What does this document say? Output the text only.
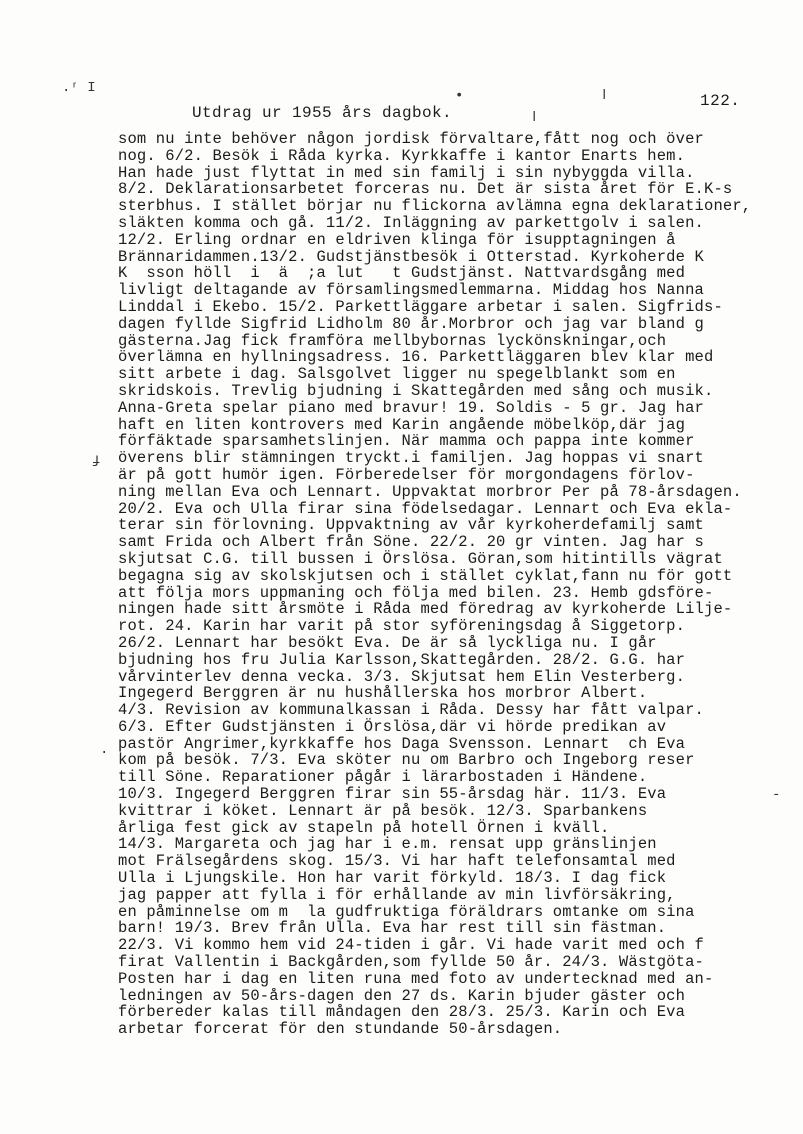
.ʳ I	•	ǀ
ǀ
ɟ
.
-
122.
Utdrag ur 1955 års dagbok.
som nu inte behöver någon jordisk förvaltare,fått nog och över
nog. 6/2. Besök i Råda kyrka. Kyrkkaffe i kantor Enarts hem.
Han hade just flyttat in med sin familj i sin nybyggda villa.
8/2. Deklarationsarbetet forceras nu. Det är sista året för E.K-s
sterbhus. I stället börjar nu flickorna avlämna egna deklarationer,
släkten komma och gå. 11/2. Inläggning av parkettgolv i salen.
12/2. Erling ordnar en eldriven klinga för isupptagningen å
Brännaridammen.13/2. Gudstjänstbesök i Otterstad. Kyrkoherde K
K  sson höll  i  ä  ;a lut   t Gudstjänst. Nattvardsgång med
livligt deltagande av församlingsmedlemmarna. Middag hos Nanna
Linddal i Ekebo. 15/2. Parkettläggare arbetar i salen. Sigfrids-
dagen fyllde Sigfrid Lidholm 80 år.Morbror och jag var bland g
gästerna.Jag fick framföra mellbybornas lyckönskningar,och
överlämna en hyllningsadress. 16. Parkettläggaren blev klar med
sitt arbete i dag. Salsgolvet ligger nu spegelblankt som en
skridskois. Trevlig bjudning i Skattegården med sång och musik.
Anna-Greta spelar piano med bravur! 19. Soldis - 5 gr. Jag har
haft en liten kontrovers med Karin angående möbelköp,där jag
förfäktade sparsamhetslinjen. När mamma och pappa inte kommer
överens blir stämningen tryckt.i familjen. Jag hoppas vi snart
är på gott humör igen. Förberedelser för morgondagens förlov-
ning mellan Eva och Lennart. Uppvaktat morbror Per på 78-årsdagen.
20/2. Eva och Ulla firar sina födelsedagar. Lennart och Eva ekla-
terar sin förlovning. Uppvaktning av vår kyrkoherdefamilj samt
samt Frida och Albert från Söne. 22/2. 20 gr vinten. Jag har s
skjutsat C.G. till bussen i Örslösa. Göran,som hitintills vägrat
begagna sig av skolskjutsen och i stället cyklat,fann nu för gott
att följa mors uppmaning och följa med bilen. 23. Hemb gdsföre-
ningen hade sitt årsmöte i Råda med föredrag av kyrkoherde Lilje-
rot. 24. Karin har varit på stor syföreningsdag å Siggetorp.
26/2. Lennart har besökt Eva. De är så lyckliga nu. I går
bjudning hos fru Julia Karlsson,Skattegården. 28/2. G.G. har
vårvinterlev denna vecka. 3/3. Skjutsat hem Elin Vesterberg.
Ingegerd Berggren är nu hushållerska hos morbror Albert.
4/3. Revision av kommunalkassan i Råda. Dessy har fått valpar.
6/3. Efter Gudstjänsten i Örslösa,där vi hörde predikan av
pastör Angrimer,kyrkkaffe hos Daga Svensson. Lennart  ch Eva
kom på besök. 7/3. Eva sköter nu om Barbro och Ingeborg reser
till Söne. Reparationer pågår i lärarbostaden i Händene.
10/3. Ingegerd Berggren firar sin 55-årsdag här. 11/3. Eva
kvittrar i köket. Lennart är på besök. 12/3. Sparbankens
årliga fest gick av stapeln på hotell Örnen i kväll.
14/3. Margareta och jag har i e.m. rensat upp gränslinjen
mot Frälsegårdens skog. 15/3. Vi har haft telefonsamtal med
Ulla i Ljungskile. Hon har varit förkyld. 18/3. I dag fick
jag papper att fylla i för erhållande av min livförsäkring,
en påminnelse om m  la gudfruktiga föräldrars omtanke om sina
barn! 19/3. Brev från Ulla. Eva har rest till sin fästman.
22/3. Vi kommo hem vid 24-tiden i går. Vi hade varit med och f
firat Vallentin i Backgården,som fyllde 50 år. 24/3. Wästgöta-
Posten har i dag en liten runa med foto av undertecknad med an-
ledningen av 50-års-dagen den 27 ds. Karin bjuder gäster och
förbereder kalas till måndagen den 28/3. 25/3. Karin och Eva
arbetar forcerat för den stundande 50-årsdagen.
